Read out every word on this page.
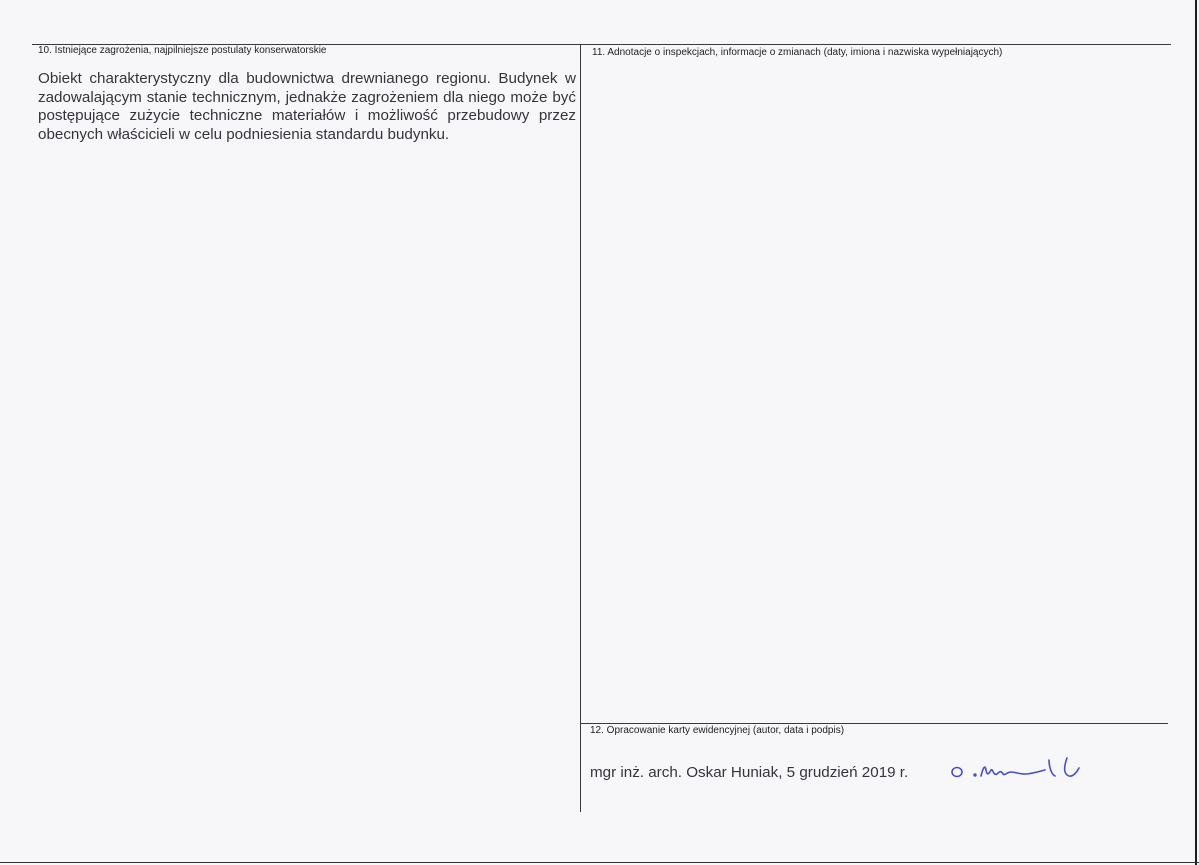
10. Istniejące zagrożenia, najpilniejsze postulaty konserwatorskie
Obiekt charakterystyczny dla budownictwa drewnianego regionu. Budynek w zadowalającym stanie technicznym, jednakże zagrożeniem dla niego może być postępujące zużycie techniczne materiałów i możliwość przebudowy przez obecnych właścicieli w celu podniesienia standardu budynku.
11. Adnotacje o inspekcjach, informacje o zmianach (daty, imiona i nazwiska wypełniających)
12. Opracowanie karty ewidencyjnej (autor, data i podpis)
mgr inż. arch. Oskar Huniak, 5 grudzień 2019 r.
